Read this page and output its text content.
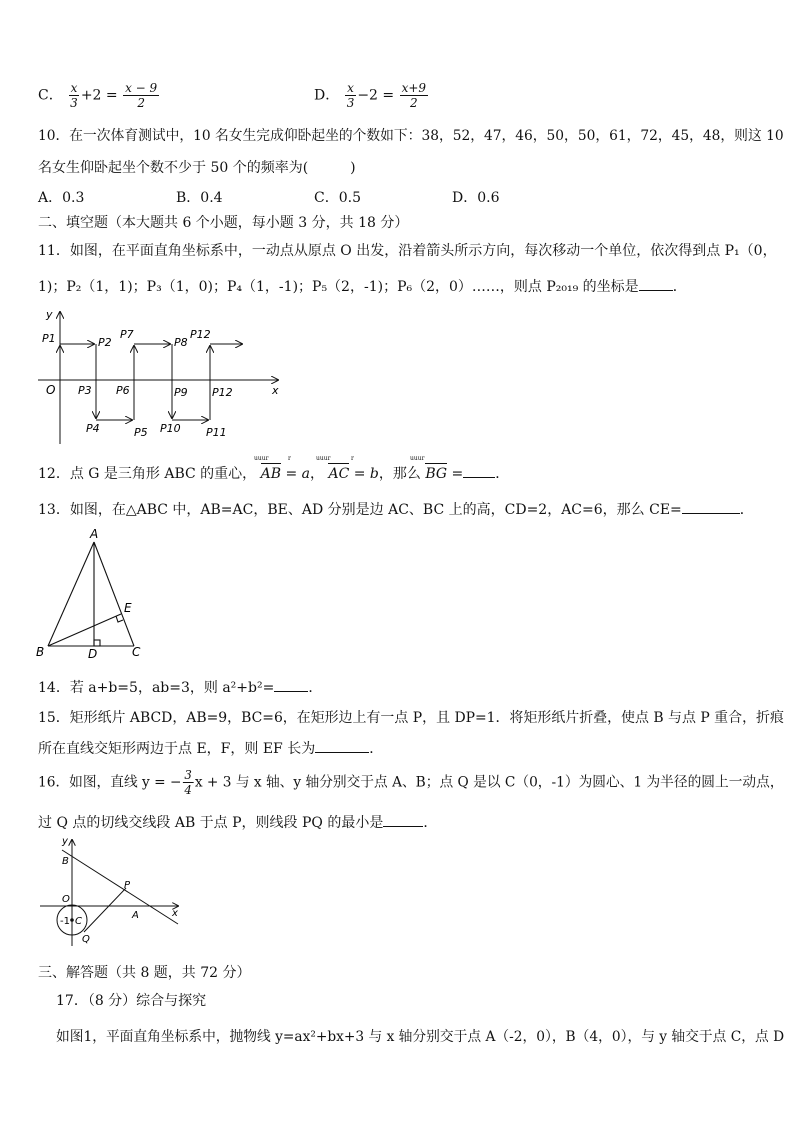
C． $\frac{x}{3} +2 = \frac{x - 9}{2}$	D． $\frac{x}{3} -2 = \frac{x+9}{2}$
10．在一次体育测试中，10 名女生完成仰卧起坐的个数如下：38，52，47，46，50，50，61，72，45，48，则这 10
名女生仰卧起坐个数不少于 50 个的频率为(　　　)
A．0.3	B．0.4	C．0.5	D．0.6
二、填空题（本大题共 6 个小题，每小题 3 分，共 18 分）
11．如图，在平面直角坐标系中，一动点从原点 O 出发，沿着箭头所示方向，每次移动一个单位，依次得到点 P₁（0，
1)；P₂（1，1)；P₃（1，0)；P₄（1，-1)；P₅（2，-1)；P₆（2，0）……，则点 P₂₀₁₉ 的坐标是 ．
y
x
O
P1	P2
P7
P8
P12
P3 P6	P9 P12
P4	P5 P10 P11
12．点 G 是三角形 ABC 的重心， AB = a， AC = b，那么 BG = ．
uuur	uuur	uuur
r	r
13．如图，在△ABC 中，AB=AC，BE、AD 分别是边 AC、BC 上的高，CD=2，AC=6，那么 CE=	．
A
B	C
D
E
14．若 a+b=5，ab=3，则 a²+b²= ．
15．矩形纸片 ABCD，AB=9，BC=6，在矩形边上有一点 P，且 DP=1．将矩形纸片折叠，使点 B 与点 P 重合，折痕
所在直线交矩形两边于点 E，F，则 EF 长为	．
16．如图，直线 y = − $\frac{3}{4}$ x + 3 与 x 轴、y 轴分别交于点 A、B；点 Q 是以 C（0，-1）为圆心、1 为半径的圆上一动点，
过 Q 点的切线交线段 AB 于点 P，则线段 PQ 的最小是	．
y
x
B
O
P
A
-1 C
Q
三、解答题（共 8 题，共 72 分）
17．（8 分）综合与探究
如图1，平面直角坐标系中，抛物线 y=ax²+bx+3 与 x 轴分别交于点 A（-2，0），B（4，0），与 y 轴交于点 C，点 D
